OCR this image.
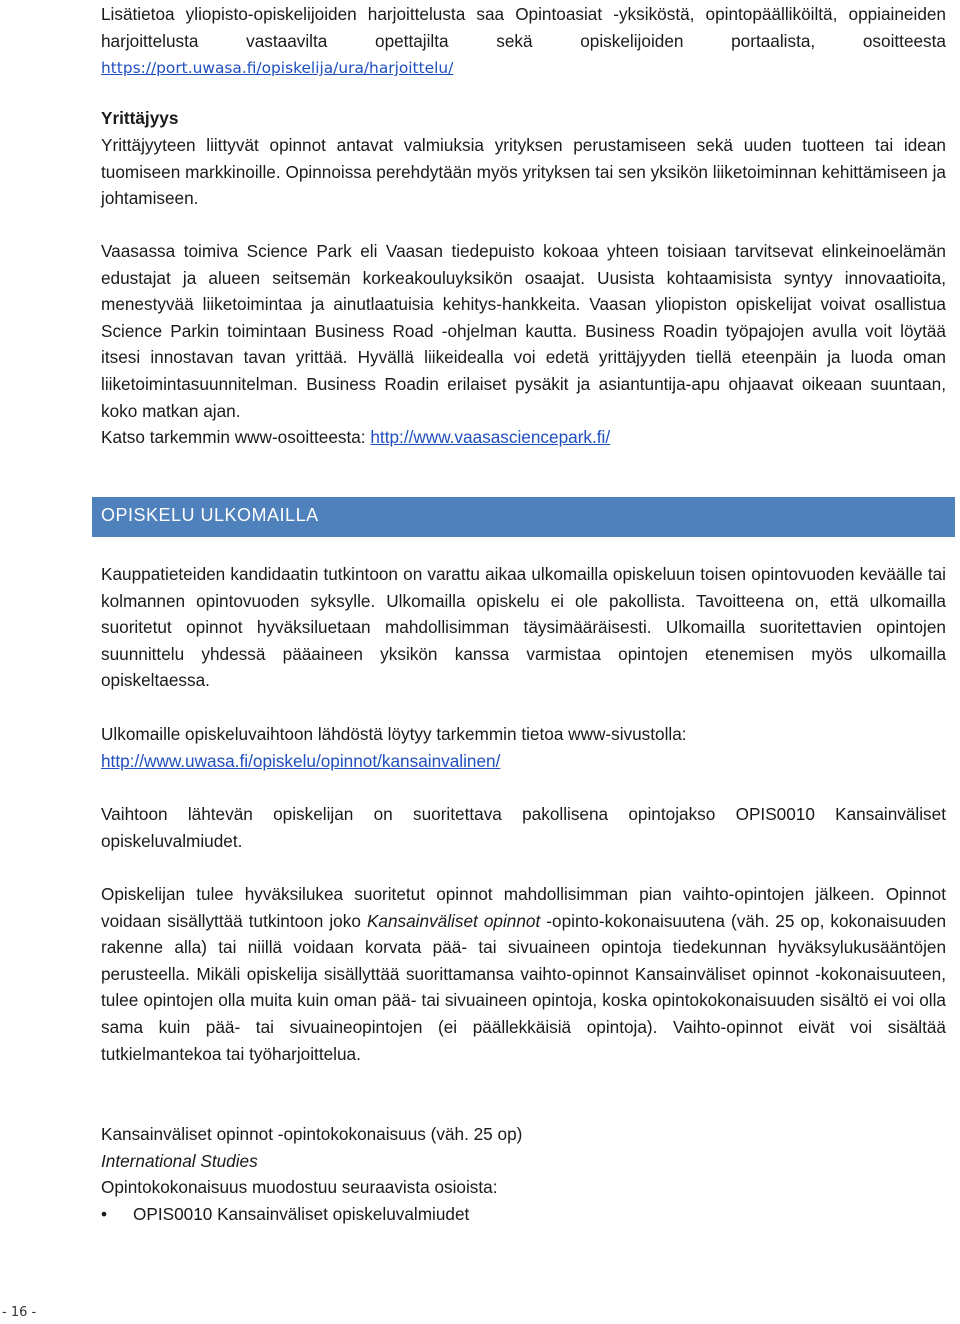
Lisätietoa yliopisto-opiskelijoiden harjoittelusta saa Opintoasiat -yksiköstä, opintopäälliköiltä, oppiaineiden harjoittelusta vastaavilta opettajilta sekä opiskelijoiden portaalista, osoitteesta https://port.uwasa.fi/opiskelija/ura/harjoittelu/
Yrittäjyys
Yrittäjyyteen liittyvät opinnot antavat valmiuksia yrityksen perustamiseen sekä uuden tuotteen tai idean tuomiseen markkinoille. Opinnoissa perehdytään myös yrityksen tai sen yksikön liiketoiminnan kehittämiseen ja johtamiseen.
Vaasassa toimiva Science Park eli Vaasan tiedepuisto kokoaa yhteen toisiaan tarvitsevat elinkeinoelämän edustajat ja alueen seitsemän korkeakouluyksikön osaajat. Uusista kohtaamisista syntyy innovaatioita, menestyvää liiketoimintaa ja ainutlaatuisia kehitys-hankkeita. Vaasan yliopiston opiskelijat voivat osallistua Science Parkin toimintaan Business Road -ohjelman kautta. Business Roadin työpajojen avulla voit löytää itsesi innostavan tavan yrittää. Hyvällä liikeidealla voi edetä yrittäjyyden tiellä eteenpäin ja luoda oman liiketoimintasuunnitelman. Business Roadin erilaiset pysäkit ja asiantuntija-apu ohjaavat oikeaan suuntaan, koko matkan ajan.
Katso tarkemmin www-osoitteesta: http://www.vaasasciencepark.fi/
OPISKELU ULKOMAILLA
Kauppatieteiden kandidaatin tutkintoon on varattu aikaa ulkomailla opiskeluun toisen opintovuoden keväälle tai kolmannen opintovuoden syksylle. Ulkomailla opiskelu ei ole pakollista. Tavoitteena on, että ulkomailla suoritetut opinnot hyväksiluetaan mahdollisimman täysimääräisesti. Ulkomailla suoritettavien opintojen suunnittelu yhdessä pääaineen yksikön kanssa varmistaa opintojen etenemisen myös ulkomailla opiskeltaessa.
Ulkomaille opiskeluvaihtoon lähdöstä löytyy tarkemmin tietoa www-sivustolla:
http://www.uwasa.fi/opiskelu/opinnot/kansainvalinen/
Vaihtoon lähtevän opiskelijan on suoritettava pakollisena opintojakso OPIS0010 Kansainväliset opiskeluvalmiudet.
Opiskelijan tulee hyväksilukea suoritetut opinnot mahdollisimman pian vaihto-opintojen jälkeen. Opinnot voidaan sisällyttää tutkintoon joko Kansainväliset opinnot -opinto-kokonaisuutena (väh. 25 op, kokonaisuuden rakenne alla) tai niillä voidaan korvata pää- tai sivuaineen opintoja tiedekunnan hyväksylukusääntöjen perusteella. Mikäli opiskelija sisällyttää suorittamansa vaihto-opinnot Kansainväliset opinnot -kokonaisuuteen, tulee opintojen olla muita kuin oman pää- tai sivuaineen opintoja, koska opintokokonaisuuden sisältö ei voi olla sama kuin pää- tai sivuaineopintojen (ei päällekkäisiä opintoja). Vaihto-opinnot eivät voi sisältää tutkielmantekoa tai työharjoittelua.
Kansainväliset opinnot -opintokokonaisuus (väh. 25 op)
International Studies
Opintokokonaisuus muodostuu seuraavista osioista:
•	OPIS0010 Kansainväliset opiskeluvalmiudet
- 16 -
